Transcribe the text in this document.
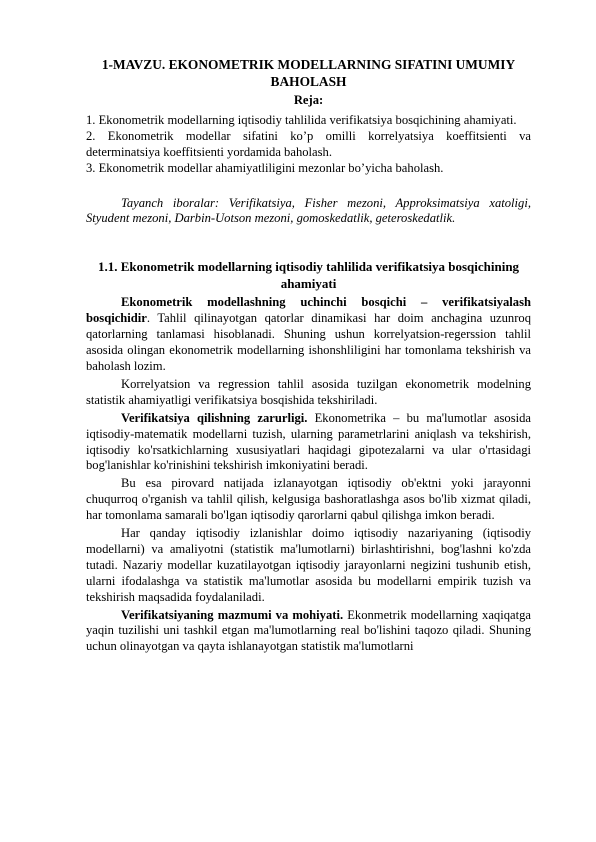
1-MAVZU. EKONOMETRIK MODELLARNING SIFATINI UMUMIY BAHOLASH

Reja:

1. Ekonometrik modellarning iqtisodiy tahlilida verifikatsiya bosqichining ahamiyati.

2. Ekonometrik modellar sifatini ko’p omilli korrelyatsiya koeffitsienti va determinatsiya koeffitsienti yordamida baholash.

3. Ekonometrik modellar ahamiyatliligini mezonlar bo’yicha baholash.

Tayanch iboralar: Verifikatsiya, Fisher mezoni, Approksimatsiya xatoligi, Styudent mezoni, Darbin-Uotson mezoni, gomoskedatlik, geteroskedatlik.

1.1. Ekonometrik modellarning iqtisodiy tahlilida verifikatsiya bosqichining ahamiyati

Ekonometrik modellashning uchinchi bosqichi – verifikatsiyalash bosqichidir. Tahlil qilinayotgan qatorlar dinamikasi har doim anchagina uzunroq qatorlarning tanlamasi hisoblanadi. Shuning ushun korrelyatsion-regerssion tahlil asosida olingan ekonometrik modellarning ishonshliligini har tomonlama tekshirish va baholash lozim.

Korrelyatsion va regression tahlil asosida tuzilgan ekonometrik modelning statistik ahamiyatligi verifikatsiya bosqishida tekshiriladi.

Verifikatsiya qilishning zarurligi. Ekonometrika – bu ma'lumotlar asosida iqtisodiy-matematik modellarni tuzish, ularning parametrlarini aniqlash va tekshirish, iqtisodiy ko'rsatkichlarning xususiyatlari haqidagi gipotezalarni va ular o'rtasidagi bog'lanishlar ko'rinishini tekshirish imkoniyatini beradi.

Bu esa pirovard natijada izlanayotgan iqtisodiy ob'ektni yoki jarayonni chuqurroq o'rganish va tahlil qilish, kelgusiga bashoratlashga asos bo'lib xizmat qiladi, har tomonlama samarali bo'lgan iqtisodiy qarorlarni qabul qilishga imkon beradi.

Har qanday iqtisodiy izlanishlar doimo iqtisodiy nazariyaning (iqtisodiy modellarni) va amaliyotni (statistik ma'lumotlarni) birlashtirishni, bog'lashni ko'zda tutadi. Nazariy modellar kuzatilayotgan iqtisodiy jarayonlarni negizini tushunib etish, ularni ifodalashga va statistik ma'lumotlar asosida bu modellarni empirik tuzish va tekshirish maqsadida foydalaniladi.

Verifikatsiyaning mazmumi va mohiyati. Ekonmetrik modellarning xaqiqatga yaqin tuzilishi uni tashkil etgan ma'lumotlarning real bo'lishini taqozo qiladi. Shuning uchun olinayotgan va qayta ishlanayotgan statistik ma'lumotlarni
